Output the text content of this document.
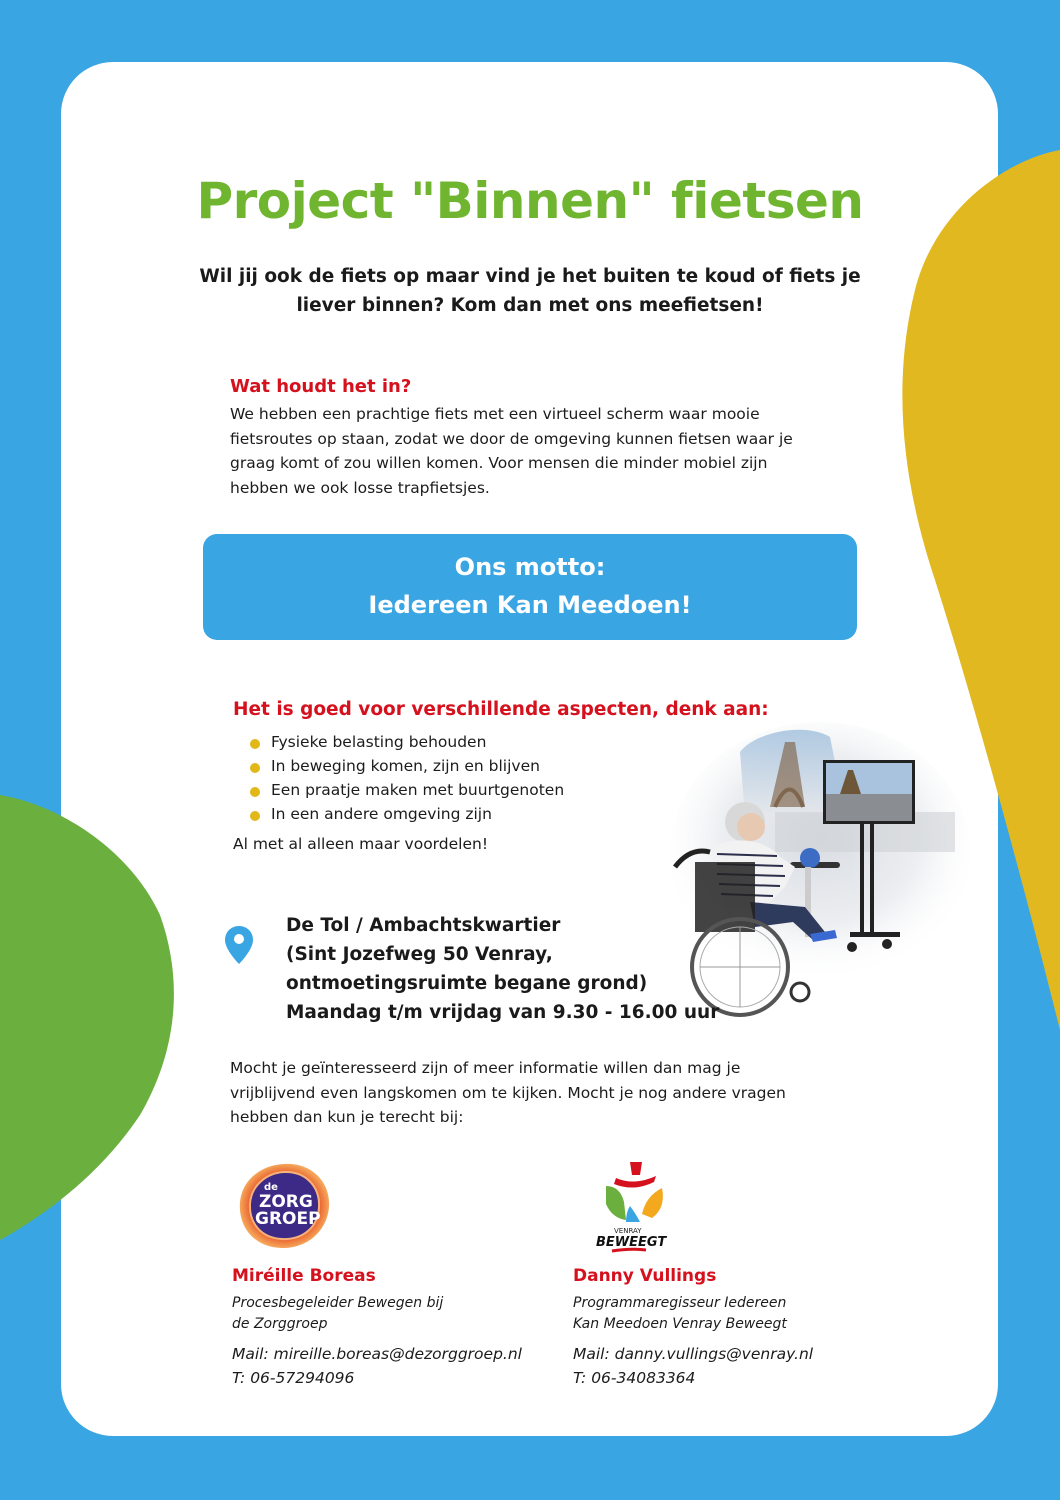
Project "Binnen" fietsen

Wil jij ook de fiets op maar vind je het buiten te koud of fiets je liever binnen? Kom dan met ons meefietsen!

Wat houdt het in?

We hebben een prachtige fiets met een virtueel scherm waar mooie fietsroutes op staan, zodat we door de omgeving kunnen fietsen waar je graag komt of zou willen komen. Voor mensen die minder mobiel zijn hebben we ook losse trapfietsjes.

Ons motto:
Iedereen Kan Meedoen!
Het is goed voor verschillende aspecten, denk aan:
Fysieke belasting behouden
In beweging komen, zijn en blijven
Een praatje maken met buurtgenoten
In een andere omgeving zijn

Al met al alleen maar voordelen!

De Tol / Ambachtskwartier
(Sint Jozefweg 50 Venray,
ontmoetingsruimte begane grond)
Maandag t/m vrijdag van 9.30 - 16.00 uur

Mocht je geïnteresseerd zijn of meer informatie willen dan mag je vrijblijvend even langskomen om te kijken. Mocht je nog andere vragen hebben dan kun je terecht bij:

de
ZORG
GROEP
VENRAY
BEWEEGT
Miréille Boreas
Procesbegeleider Bewegen bij
de Zorggroep
Mail: mireille.boreas@dezorggroep.nl
T: 06-57294096
Danny Vullings
Programmaregisseur Iedereen
Kan Meedoen Venray Beweegt
Mail: danny.vullings@venray.nl
T: 06-34083364
